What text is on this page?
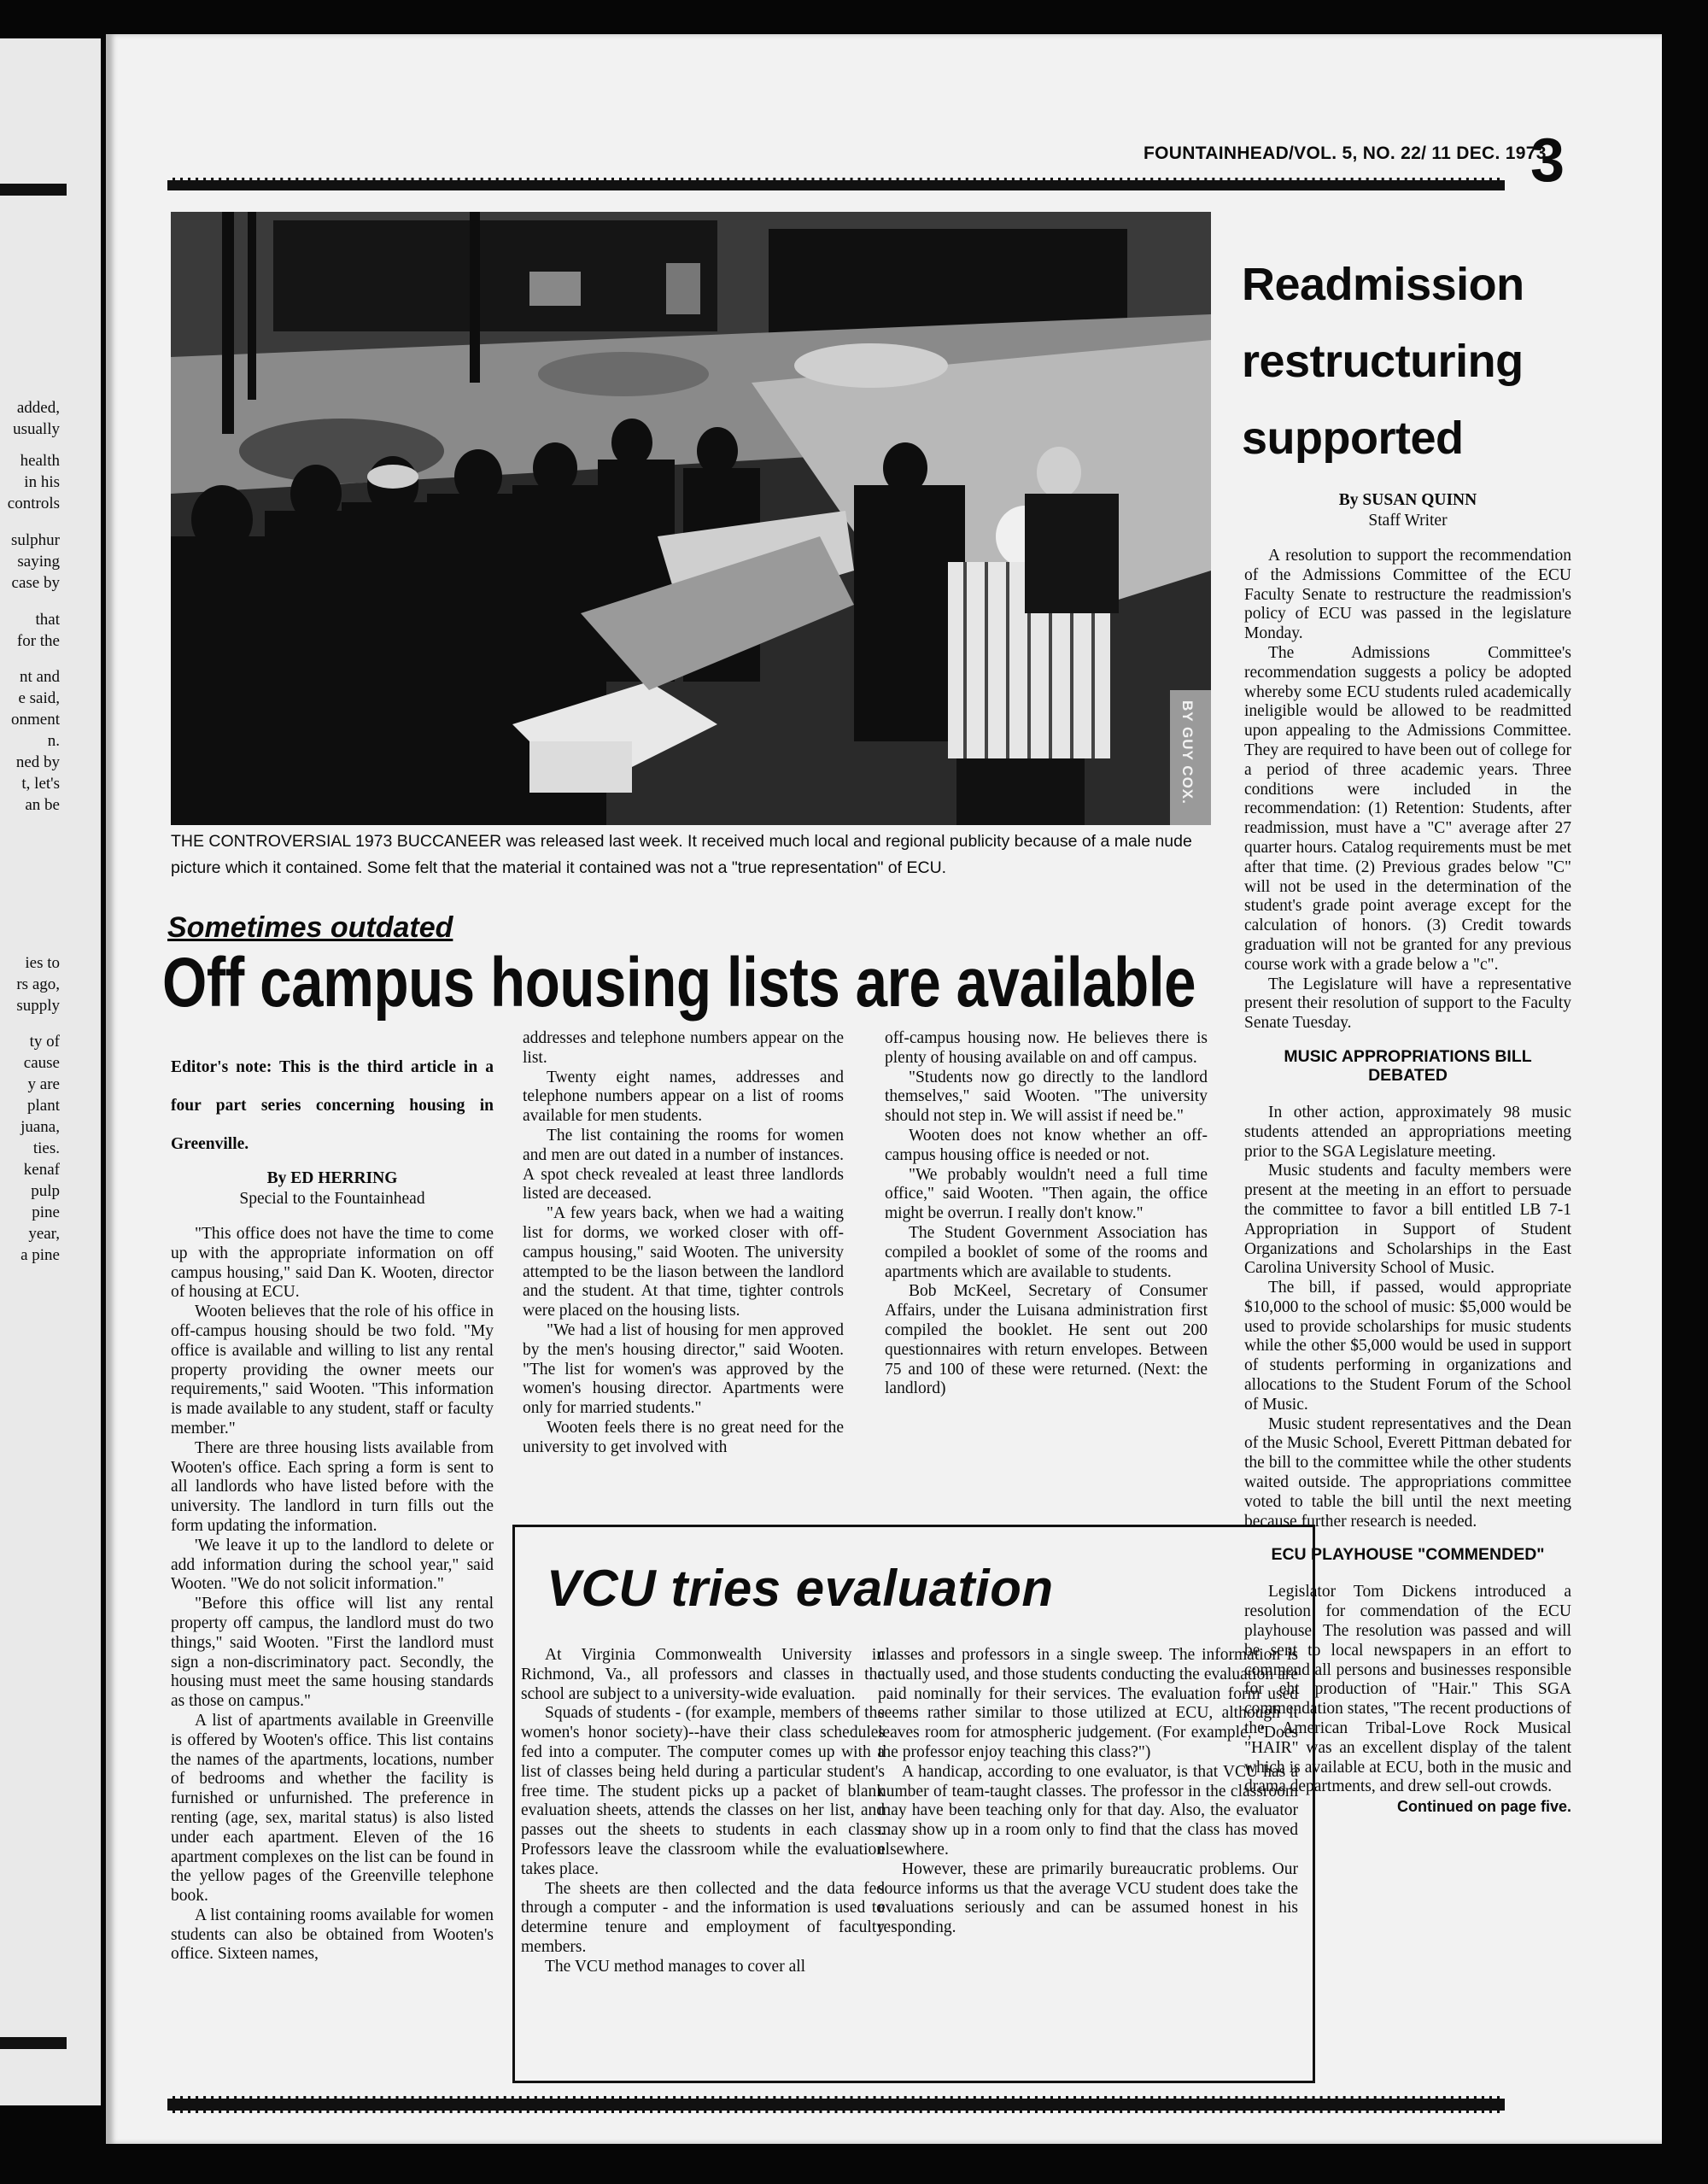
added,
usually
health
in his
controls
sulphur
saying
case by
that
for the
nt and
e said,
onment
n.
ned by
t, let's
an be
ies to
rs ago,
supply
ty of
cause
y are
plant
juana,
ties.
kenaf
pulp
pine
year,
a pine
FOUNTAINHEAD/VOL. 5, NO. 22/ 11 DEC. 1973
3
BY GUY COX.
THE CONTROVERSIAL 1973 BUCCANEER was released last week. It received much local and regional publicity because of a male nude picture which it contained. Some felt that the material it contained was not a "true representation" of ECU.
Sometimes outdated
Off campus housing lists are available
Editor's note: This is the third article in a four part series concerning housing in Greenville.
By ED HERRING
Special to the Fountainhead

"This office does not have the time to come up with the appropriate information on off campus housing," said Dan K. Wooten, director of housing at ECU.

Wooten believes that the role of his office in off-campus housing should be two fold. "My office is available and willing to list any rental property providing the owner meets our requirements," said Wooten. "This information is made available to any student, staff or faculty member."

There are three housing lists available from Wooten's office. Each spring a form is sent to all landlords who have listed before with the university. The landlord in turn fills out the form updating the information.

'We leave it up to the landlord to delete or add information during the school year," said Wooten. "We do not solicit information."

"Before this office will list any rental property off campus, the landlord must do two things," said Wooten. "First the landlord must sign a non-discriminatory pact. Secondly, the housing must meet the same housing standards as those on campus."

A list of apartments available in Greenville is offered by Wooten's office. This list contains the names of the apartments, locations, number of bedrooms and whether the facility is furnished or unfurnished. The preference in renting (age, sex, marital status) is also listed under each apartment. Eleven of the 16 apartment complexes on the list can be found in the yellow pages of the Greenville telephone book.

A list containing rooms available for women students can also be obtained from Wooten's office. Sixteen names,

addresses and telephone numbers appear on the list.

Twenty eight names, addresses and telephone numbers appear on a list of rooms available for men students.

The list containing the rooms for women and men are out dated in a number of instances. A spot check revealed at least three landlords listed are deceased.

"A few years back, when we had a waiting list for dorms, we worked closer with off-campus housing," said Wooten. The university attempted to be the liason between the landlord and the student. At that time, tighter controls were placed on the housing lists.

"We had a list of housing for men approved by the men's housing director," said Wooten. "The list for women's was approved by the women's housing director. Apartments were only for married students."

Wooten feels there is no great need for the university to get involved with

off-campus housing now. He believes there is plenty of housing available on and off campus.

"Students now go directly to the landlord themselves," said Wooten. "The university should not step in. We will assist if need be."

Wooten does not know whether an off-campus housing office is needed or not.

"We probably wouldn't need a full time office," said Wooten. "Then again, the office might be overrun. I really don't know."

The Student Government Association has compiled a booklet of some of the rooms and apartments which are available to students.

Bob McKeel, Secretary of Consumer Affairs, under the Luisana administration first compiled the booklet. He sent out 200 questionnaires with return envelopes. Between 75 and 100 of these were returned. (Next: the landlord)

VCU tries evaluation

At Virginia Commonwealth University in Richmond, Va., all professors and classes in the school are subject to a university-wide evaluation.

Squads of students - (for example, members of the women's honor society)--have their class schedules fed into a computer. The computer comes up with a list of classes being held during a particular student's free time. The student picks up a packet of blank evaluation sheets, attends the classes on her list, and passes out the sheets to students in each class. Professors leave the classroom while the evaluation takes place.

The sheets are then collected and the data fed through a computer - and the information is used to determine tenure and employment of faculty members.

The VCU method manages to cover all

classes and professors in a single sweep. The information is actually used, and those students conducting the evaluation are paid nominally for their services. The evaluation form used seems rather similar to those utilized at ECU, although it leaves room for atmospheric judgement. (For example, "Does the professor enjoy teaching this class?")

A handicap, according to one evaluator, is that VCU has a number of team-taught classes. The professor in the classroom may have been teaching only for that day. Also, the evaluator may show up in a room only to find that the class has moved elsewhere.

However, these are primarily bureaucratic problems. Our source informs us that the average VCU student does take the evaluations seriously and can be assumed honest in his responding.

Readmission
restructuring
supported
By SUSAN QUINN
Staff Writer

A resolution to support the recommendation of the Admissions Committee of the ECU Faculty Senate to restructure the readmission's policy of ECU was passed in the legislature Monday.

The Admissions Committee's recommendation suggests a policy be adopted whereby some ECU students ruled academically ineligible would be allowed to be readmitted upon appealing to the Admissions Committee. They are required to have been out of college for a period of three academic years. Three conditions were included in the recommendation: (1) Retention: Students, after readmission, must have a "C" average after 27 quarter hours. Catalog requirements must be met after that time. (2) Previous grades below "C" will not be used in the determination of the student's grade point average except for the calculation of honors. (3) Credit towards graduation will not be granted for any previous course work with a grade below a "c".

The Legislature will have a representative present their resolution of support to the Faculty Senate Tuesday.

MUSIC APPROPRIATIONS BILL DEBATED

In other action, approximately 98 music students attended an appropriations meeting prior to the SGA Legislature meeting.

Music students and faculty members were present at the meeting in an effort to persuade the committee to favor a bill entitled LB 7-1 Appropriation in Support of Student Organizations and Scholarships in the East Carolina University School of Music.

The bill, if passed, would appropriate $10,000 to the school of music: $5,000 would be used to provide scholarships for music students while the other $5,000 would be used in support of students performing in organizations and allocations to the Student Forum of the School of Music.

Music student representatives and the Dean of the Music School, Everett Pittman debated for the bill to the committee while the other students waited outside. The appropriations committee voted to table the bill until the next meeting because further research is needed.

ECU PLAYHOUSE "COMMENDED"

Legislator Tom Dickens introduced a resolution for commendation of the ECU playhouse. The resolution was passed and will be sent to local newspapers in an effort to commend all persons and businesses responsible for eht production of "Hair." This SGA commendation states, "The recent productions of the American Tribal-Love Rock Musical "HAIR" was an excellent display of the talent which is available at ECU, both in the music and drama departments, and drew sell-out crowds.

Continued on page five.
